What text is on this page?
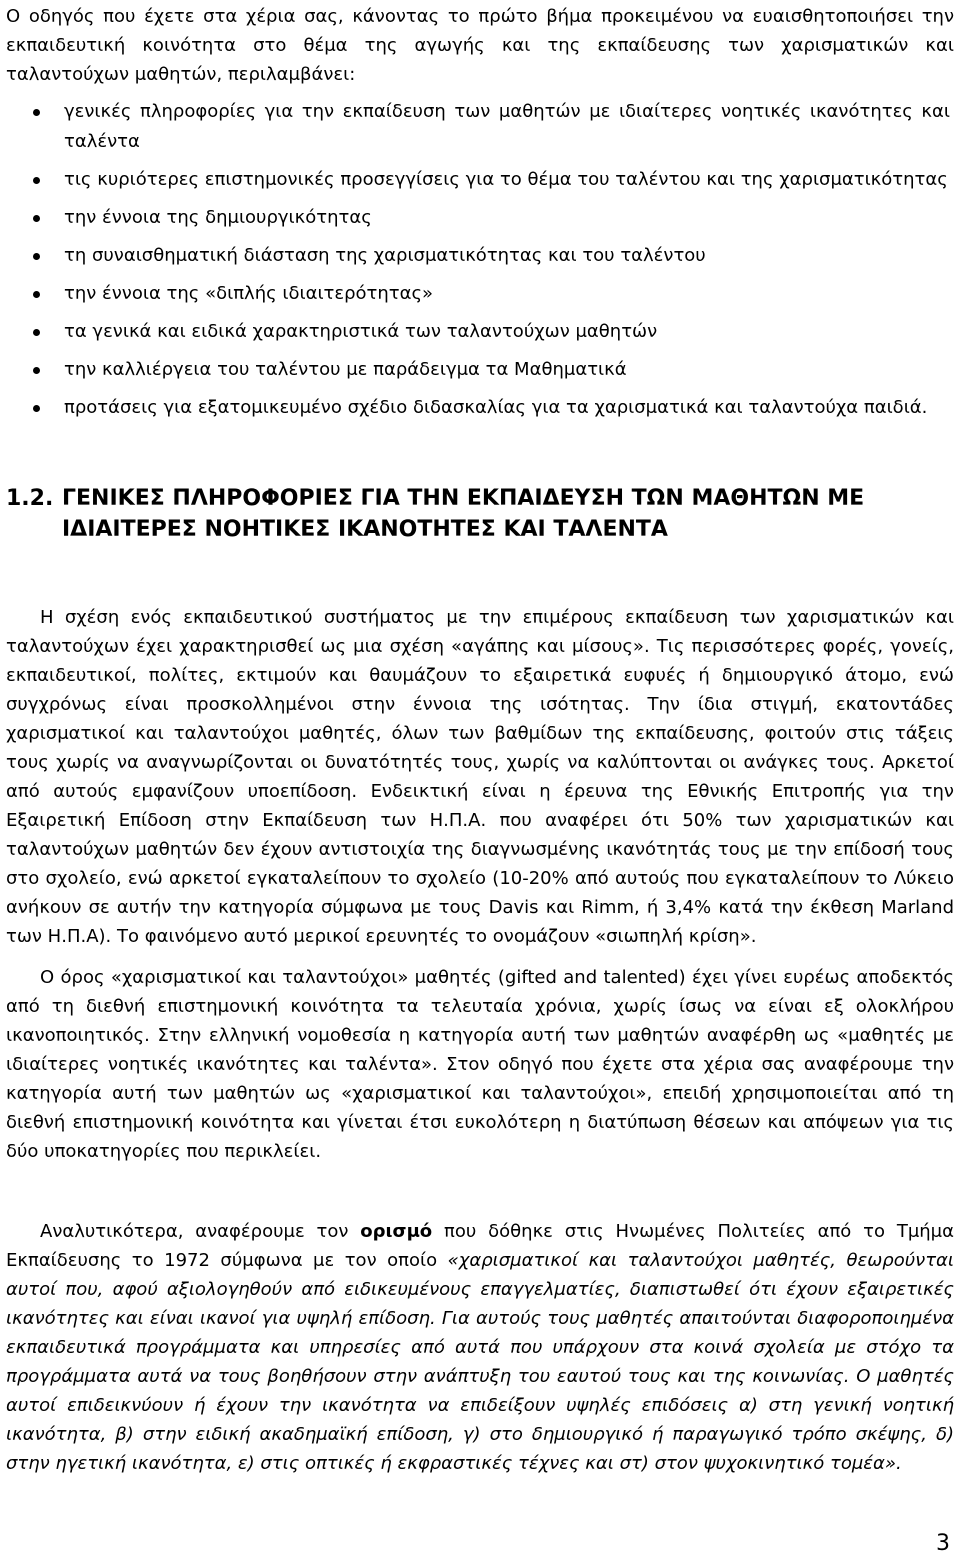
Ο οδηγός που έχετε στα χέρια σας, κάνοντας το πρώτο βήμα προκειμένου να ευαισθητοποιήσει την εκπαιδευτική κοινότητα στο θέμα της αγωγής και της εκπαίδευσης των χαρισματικών και ταλαντούχων μαθητών, περιλαμβάνει:

γενικές πληροφορίες για την εκπαίδευση των μαθητών με ιδιαίτερες νοητικές ικανότητες και ταλέντα
τις κυριότερες επιστημονικές προσεγγίσεις για το θέμα του ταλέντου και της χαρισματικότητας
την έννοια της δημιουργικότητας
τη συναισθηματική διάσταση της χαρισματικότητας και του ταλέντου
την έννοια της «διπλής ιδιαιτερότητας»
τα γενικά και ειδικά χαρακτηριστικά των ταλαντούχων μαθητών
την καλλιέργεια του ταλέντου με παράδειγμα τα Μαθηματικά
προτάσεις για εξατομικευμένο σχέδιο διδασκαλίας για τα χαρισματικά και ταλαντούχα παιδιά.
1.2. ΓΕΝΙΚΕΣ ΠΛΗΡΟΦΟΡΙΕΣ ΓΙΑ ΤΗΝ ΕΚΠΑΙΔΕΥΣΗ ΤΩΝ ΜΑΘΗΤΩΝ ΜΕ ΙΔΙΑΙΤΕΡΕΣ ΝΟΗΤΙΚΕΣ ΙΚΑΝΟΤΗΤΕΣ ΚΑΙ ΤΑΛΕΝΤΑ

Η σχέση ενός εκπαιδευτικού συστήματος με την επιμέρους εκπαίδευση των χαρισματικών και ταλαντούχων έχει χαρακτηρισθεί ως μια σχέση «αγάπης και μίσους». Τις περισσότερες φορές, γονείς, εκπαιδευτικοί, πολίτες, εκτιμούν και θαυμάζουν το εξαιρετικά ευφυές ή δημιουργικό άτομο, ενώ συγχρόνως είναι προσκολλημένοι στην έννοια της ισότητας. Την ίδια στιγμή, εκατοντάδες χαρισματικοί και ταλαντούχοι μαθητές, όλων των βαθμίδων της εκπαίδευσης, φοιτούν στις τάξεις τους χωρίς να αναγνωρίζονται οι δυνατότητές τους, χωρίς να καλύπτονται οι ανάγκες τους. Αρκετοί από αυτούς εμφανίζουν υποεπίδοση. Ενδεικτική είναι η έρευνα της Εθνικής Επιτροπής για την Εξαιρετική Επίδοση στην Εκπαίδευση των Η.Π.Α. που αναφέρει ότι 50% των χαρισματικών και ταλαντούχων μαθητών δεν έχουν αντιστοιχία της διαγνωσμένης ικανότητάς τους με την επίδοσή τους στο σχολείο, ενώ αρκετοί εγκαταλείπουν το σχολείο (10-20% από αυτούς που εγκαταλείπουν το Λύκειο ανήκουν σε αυτήν την κατηγορία σύμφωνα με τους Davis και Rimm, ή 3,4% κατά την έκθεση Marland των Η.Π.Α). Το φαινόμενο αυτό μερικοί ερευνητές το ονομάζουν «σιωπηλή κρίση».

Ο όρος «χαρισματικοί και ταλαντούχοι» μαθητές (gifted and talented) έχει γίνει ευρέως αποδεκτός από τη διεθνή επιστημονική κοινότητα τα τελευταία χρόνια, χωρίς ίσως να είναι εξ ολοκλήρου ικανοποιητικός. Στην ελληνική νομοθεσία η κατηγορία αυτή των μαθητών αναφέρθη ως «μαθητές με ιδιαίτερες νοητικές ικανότητες και ταλέντα». Στον οδηγό που έχετε στα χέρια σας αναφέρουμε την κατηγορία αυτή των μαθητών ως «χαρισματικοί και ταλαντούχοι», επειδή χρησιμοποιείται από τη διεθνή επιστημονική κοινότητα και γίνεται έτσι ευκολότερη η διατύπωση θέσεων και απόψεων για τις δύο υποκατηγορίες που περικλείει.

Αναλυτικότερα, αναφέρουμε τον ορισμό που δόθηκε στις Ηνωμένες Πολιτείες από το Τμήμα Εκπαίδευσης το 1972 σύμφωνα με τον οποίο «χαρισματικοί και ταλαντούχοι μαθητές, θεωρούνται αυτοί που, αφού αξιολογηθούν από ειδικευμένους επαγγελματίες, διαπιστωθεί ότι έχουν εξαιρετικές ικανότητες και είναι ικανοί για υψηλή επίδοση. Για αυτούς τους μαθητές απαιτούνται διαφοροποιημένα εκπαιδευτικά προγράμματα και υπηρεσίες από αυτά που υπάρχουν στα κοινά σχολεία με στόχο τα προγράμματα αυτά να τους βοηθήσουν στην ανάπτυξη του εαυτού τους και της κοινωνίας. Ο μαθητές αυτοί επιδεικνύουν ή έχουν την ικανότητα να επιδείξουν υψηλές επιδόσεις α) στη γενική νοητική ικανότητα, β) στην ειδική ακαδημαϊκή επίδοση, γ) στο δημιουργικό ή παραγωγικό τρόπο σκέψης, δ) στην ηγετική ικανότητα, ε) στις οπτικές ή εκφραστικές τέχνες και στ) στον ψυχοκινητικό τομέα».

3
